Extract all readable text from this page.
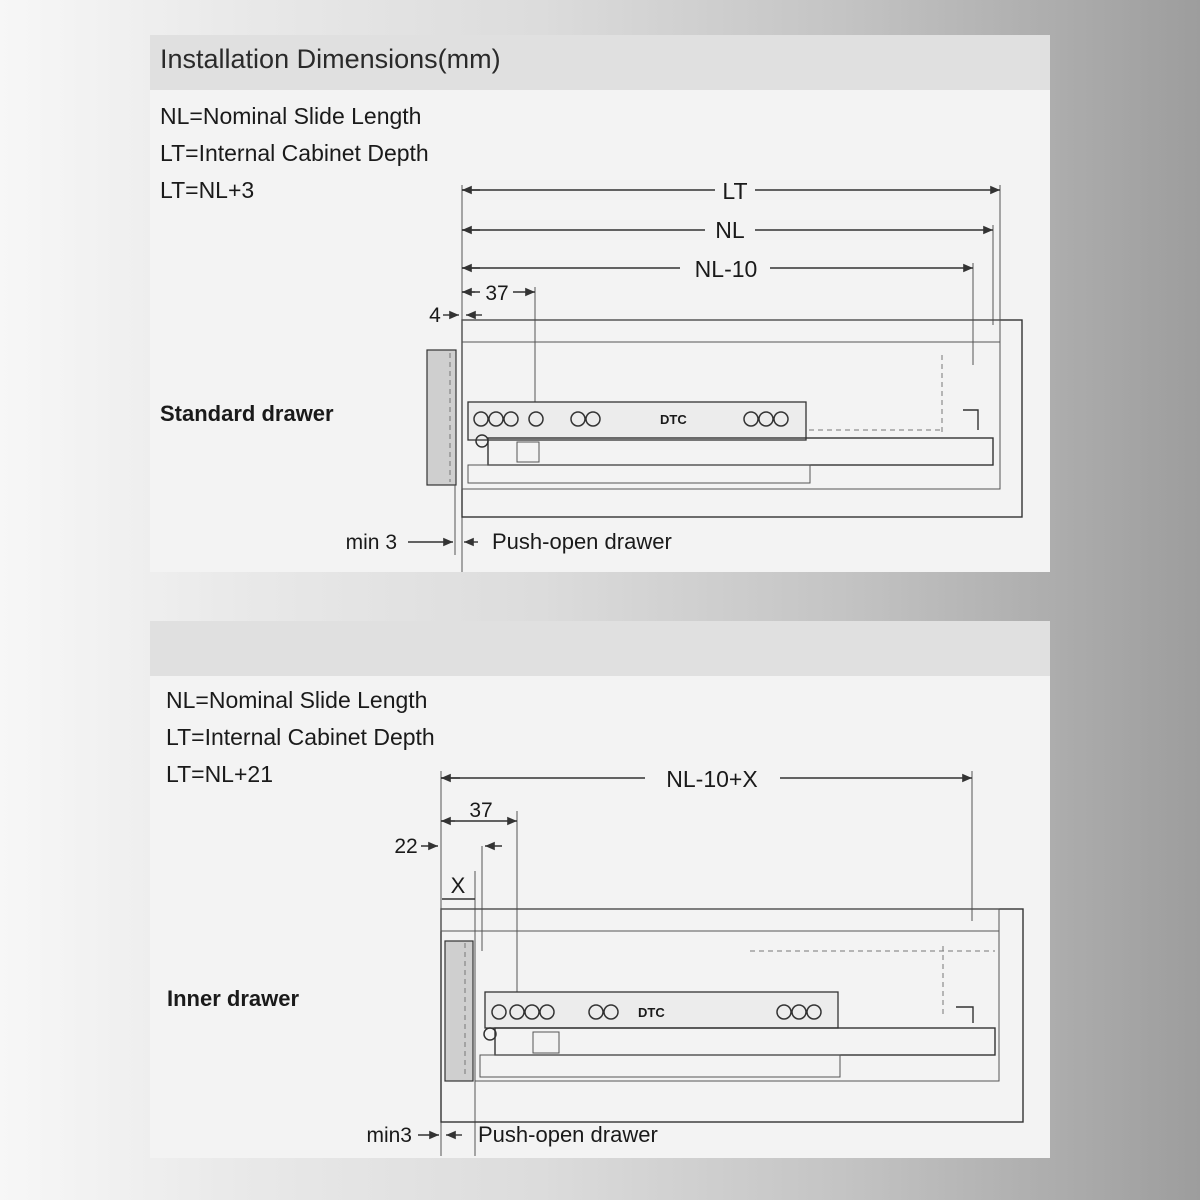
Installation Dimensions(mm)
NL=Nominal Slide Length
LT=Internal Cabinet Depth
LT=NL+3	LT
NL
NL-10
37
4
DTC
min 3	Push-open drawer
Standard drawer
NL=Nominal Slide Length
LT=Internal Cabinet Depth
LT=NL+21	NL-10+X
37
22
X
DTC
min3	Push-open drawer
Inner drawer
